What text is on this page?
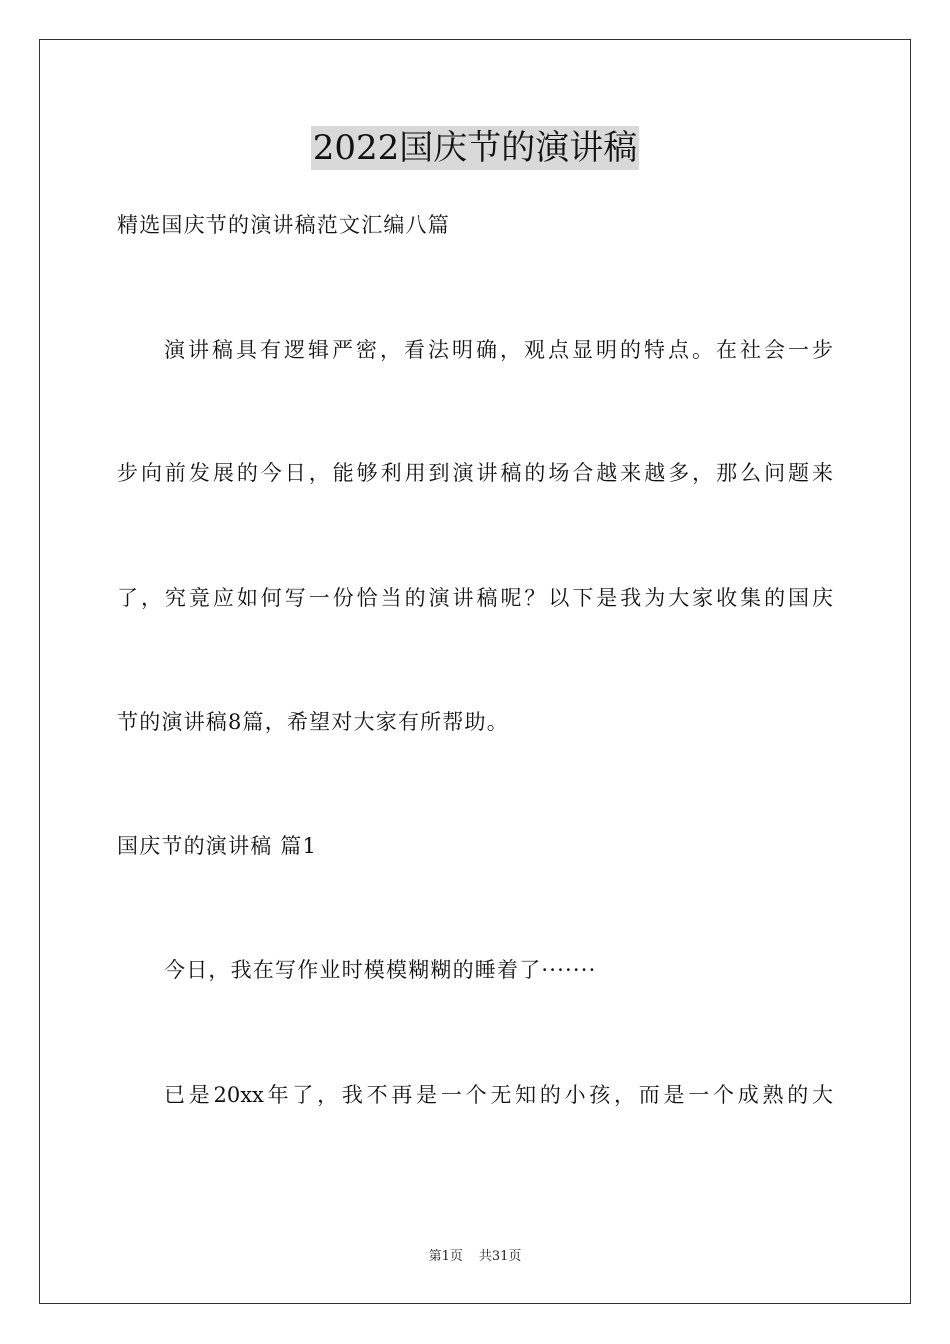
2022国庆节的演讲稿
精选国庆节的演讲稿范文汇编八篇
演讲稿具有逻辑严密，看法明确，观点显明的特点。在社会一步
步向前发展的今日，能够利用到演讲稿的场合越来越多，那么问题来
了，究竟应如何写一份恰当的演讲稿呢？以下是我为大家收集的国庆
节的演讲稿8篇，希望对大家有所帮助。
国庆节的演讲稿 篇1
今日，我在写作业时模模糊糊的睡着了·······
已是20xx年了，我不再是一个无知的小孩，而是一个成熟的大
第1页 共31页
